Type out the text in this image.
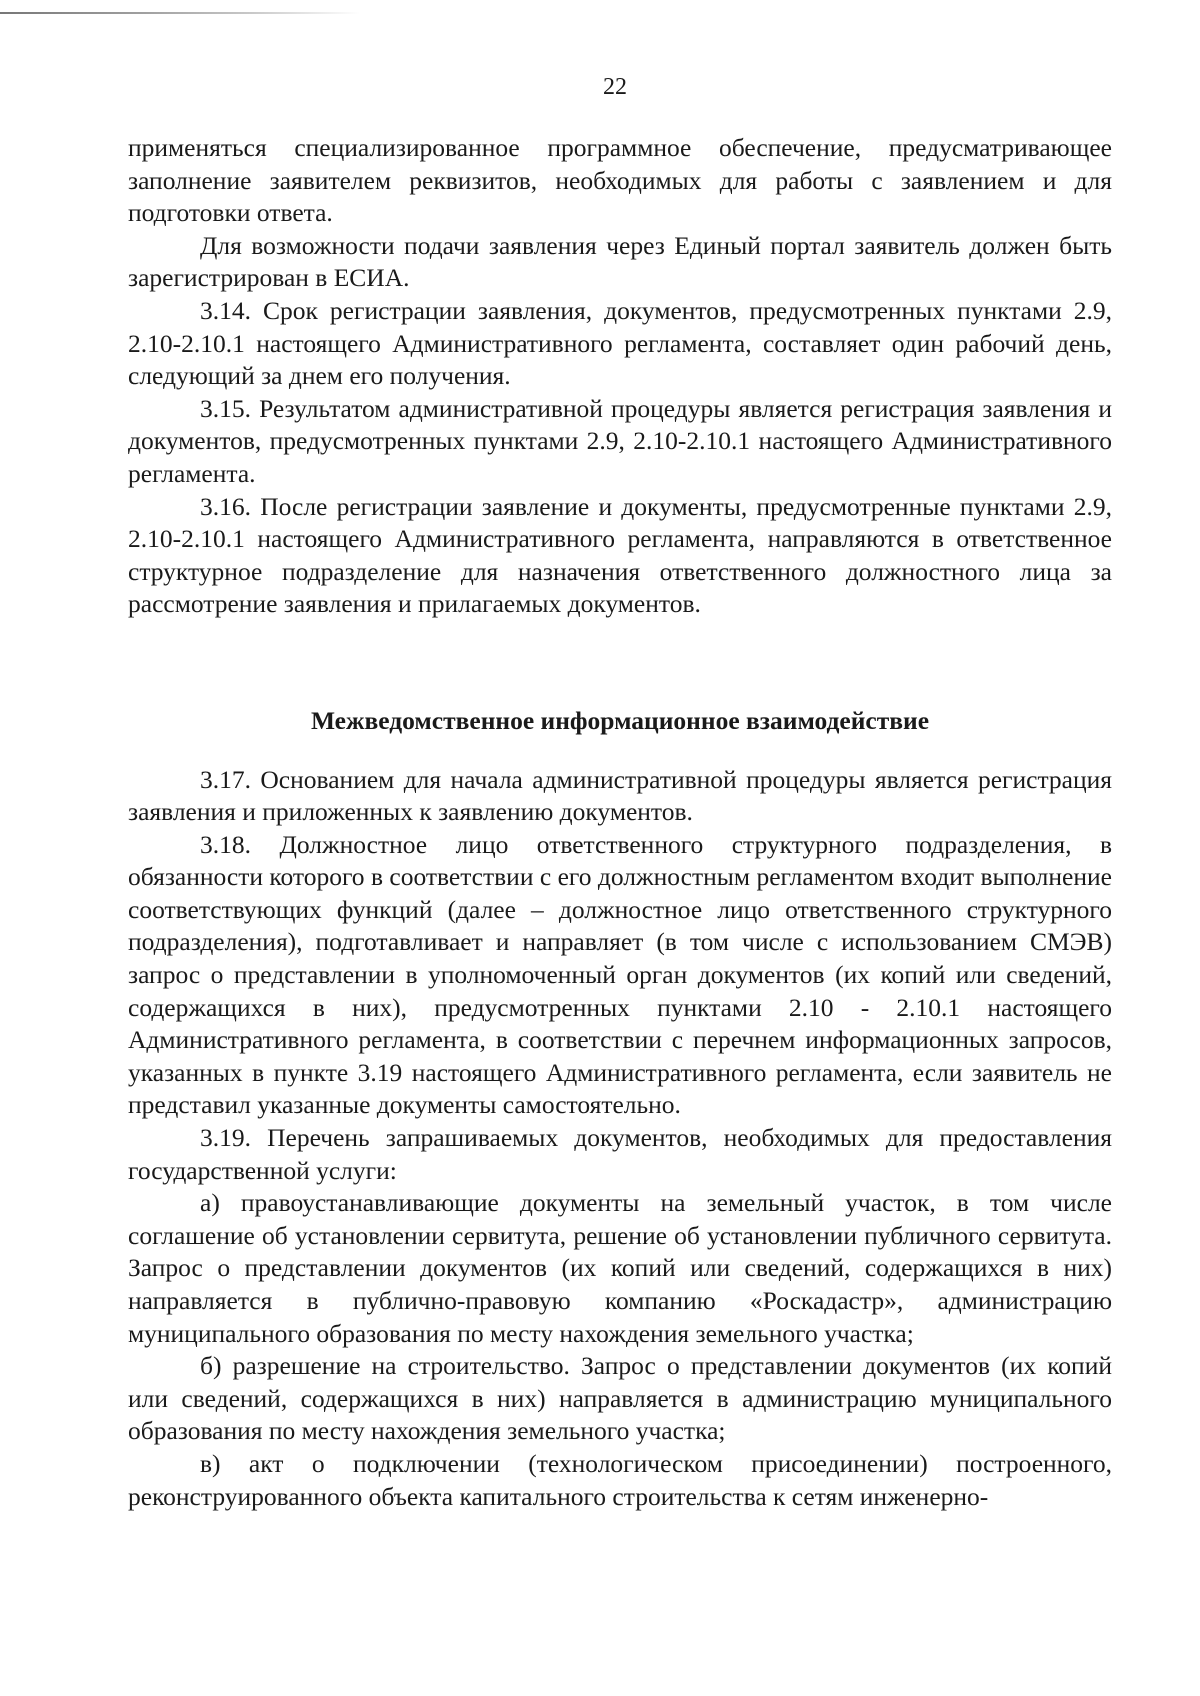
22

применяться специализированное программное обеспечение, предусматривающее заполнение заявителем реквизитов, необходимых для работы с заявлением и для подготовки ответа.

Для возможности подачи заявления через Единый портал заявитель должен быть зарегистрирован в ЕСИА.

3.14. Срок регистрации заявления, документов, предусмотренных пунктами 2.9, 2.10-2.10.1 настоящего Административного регламента, составляет один рабочий день, следующий за днем его получения.

3.15. Результатом административной процедуры является регистрация заявления и документов, предусмотренных пунктами 2.9, 2.10-2.10.1 настоящего Административного регламента.

3.16. После регистрации заявление и документы, предусмотренные пунктами 2.9, 2.10-2.10.1 настоящего Административного регламента, направляются в ответственное структурное подразделение для назначения ответственного должностного лица за рассмотрение заявления и прилагаемых документов.

Межведомственное информационное взаимодействие

3.17. Основанием для начала административной процедуры является регистрация заявления и приложенных к заявлению документов.

3.18. Должностное лицо ответственного структурного подразделения, в обязанности которого в соответствии с его должностным регламентом входит выполнение соответствующих функций (далее – должностное лицо ответственного структурного подразделения), подготавливает и направляет (в том числе с использованием СМЭВ) запрос о представлении в уполномоченный орган документов (их копий или сведений, содержащихся в них), предусмотренных пунктами 2.10 - 2.10.1 настоящего Административного регламента, в соответствии с перечнем информационных запросов, указанных в пункте 3.19 настоящего Административного регламента, если заявитель не представил указанные документы самостоятельно.

3.19. Перечень запрашиваемых документов, необходимых для предоставления государственной услуги:

а) правоустанавливающие документы на земельный участок, в том числе соглашение об установлении сервитута, решение об установлении публичного сервитута. Запрос о представлении документов (их копий или сведений, содержащихся в них) направляется в публично-правовую компанию «Роскадастр», администрацию муниципального образования по месту нахождения земельного участка;

б) разрешение на строительство. Запрос о представлении документов (их копий или сведений, содержащихся в них) направляется в администрацию муниципального образования по месту нахождения земельного участка;

в) акт о подключении (технологическом присоединении) построенного, реконструированного объекта капитального строительства к сетям инженерно-
